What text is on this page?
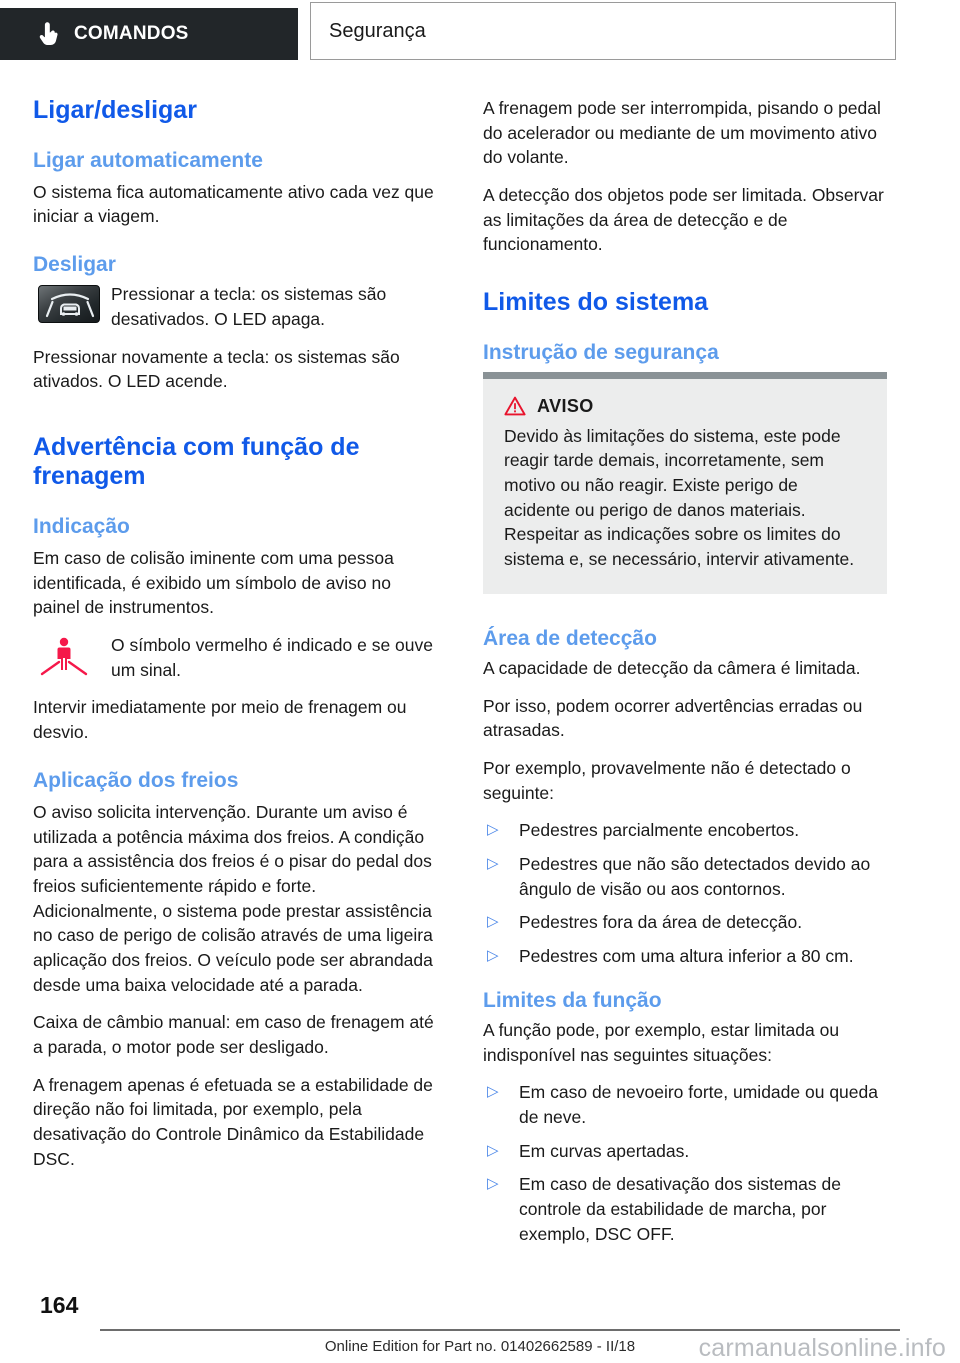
COMANDOS	Segurança
Ligar/desligar
Ligar automaticamente

O sistema fica automaticamente ativo cada vez que iniciar a viagem.

Desligar
Pressionar a tecla: os sistemas são desativados. O LED apaga.

Pressionar novamente a tecla: os sistemas são ativados. O LED acende.

Advertência com função de frenagem
Indicação

Em caso de colisão iminente com uma pessoa identificada, é exibido um símbolo de aviso no painel de instrumentos.

O símbolo vermelho é indicado e se ouve um sinal.

Intervir imediatamente por meio de frenagem ou desvio.

Aplicação dos freios

O aviso solicita intervenção. Durante um aviso é utilizada a potência máxima dos freios. A condição para a assistência dos freios é o pisar do pedal dos freios suficientemente rápido e forte. Adicionalmente, o sistema pode prestar assistência no caso de perigo de colisão através de uma ligeira aplicação dos freios. O veículo pode ser abrandada desde uma baixa velocidade até a parada.

Caixa de câmbio manual: em caso de frenagem até a parada, o motor pode ser desligado.

A frenagem apenas é efetuada se a estabilidade de direção não foi limitada, por exemplo, pela desativação do Controle Dinâmico da Estabilidade DSC.

A frenagem pode ser interrompida, pisando o pedal do acelerador ou mediante de um movimento ativo do volante.

A detecção dos objetos pode ser limitada. Observar as limitações da área de detecção e de funcionamento.

Limites do sistema
Instrução de segurança
AVISO
Devido às limitações do sistema, este pode reagir tarde demais, incorretamente, sem motivo ou não reagir. Existe perigo de acidente ou perigo de danos materiais. Respeitar as indicações sobre os limites do sistema e, se necessário, intervir ativamente.
Área de detecção

A capacidade de detecção da câmera é limitada.

Por isso, podem ocorrer advertências erradas ou atrasadas.

Por exemplo, provavelmente não é detectado o seguinte:

▷	Pedestres parcialmente encobertos.
▷	Pedestres que não são detectados devido ao ângulo de visão ou aos contornos.
▷	Pedestres fora da área de detecção.
▷	Pedestres com uma altura inferior a 80 cm.
Limites da função

A função pode, por exemplo, estar limitada ou indisponível nas seguintes situações:

▷	Em caso de nevoeiro forte, umidade ou queda de neve.
▷	Em curvas apertadas.
▷	Em caso de desativação dos sistemas de controle da estabilidade de marcha, por exemplo, DSC OFF.
164
Online Edition for Part no. 01402662589 - II/18	carmanualsonline.info
